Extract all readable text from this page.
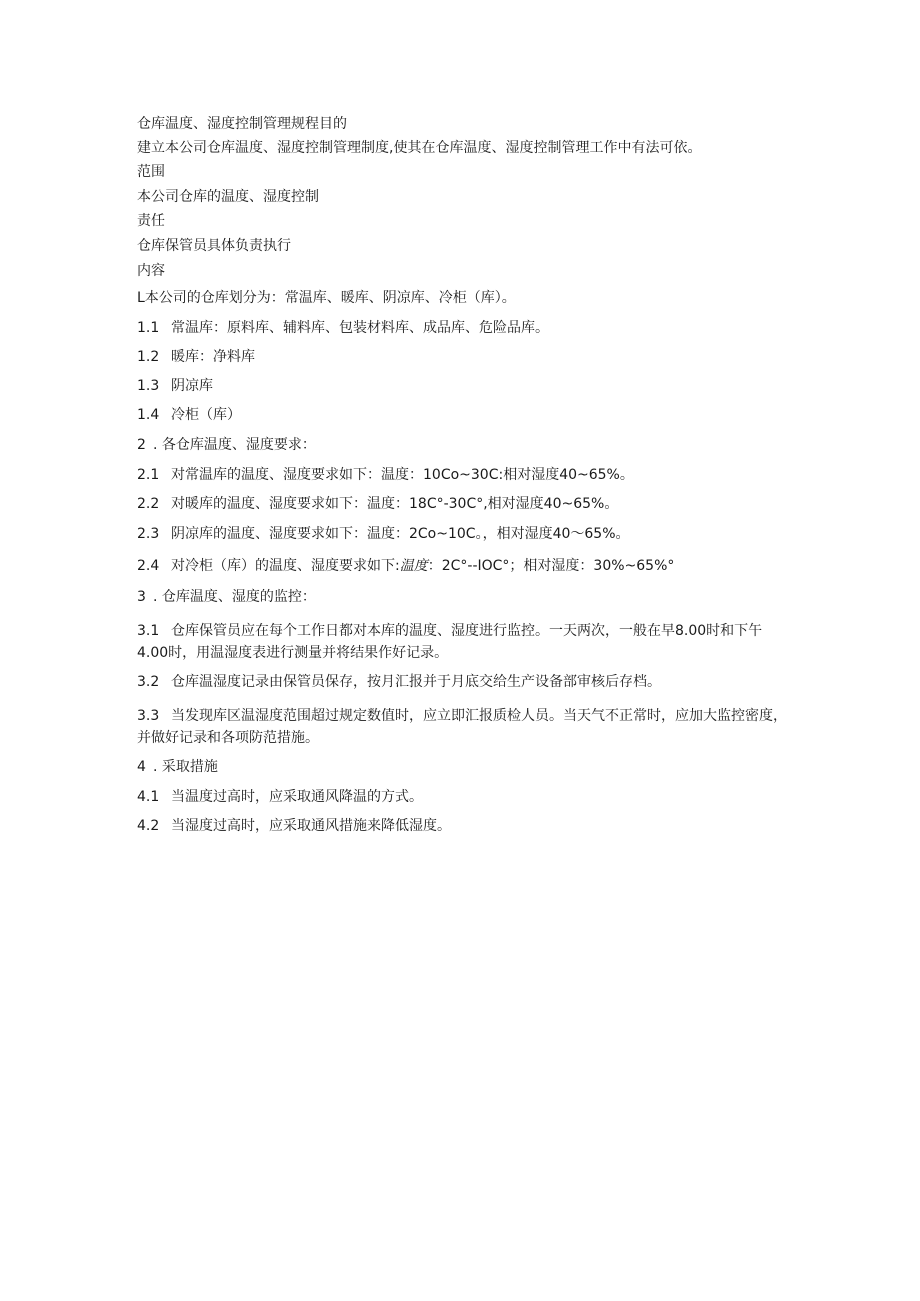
仓库温度、湿度控制管理规程目的
建立本公司仓库温度、湿度控制管理制度,使其在仓库温度、湿度控制管理工作中有法可依。
范围
本公司仓库的温度、湿度控制
责任
仓库保管员具体负责执行
内容
L本公司的仓库划分为：常温库、暖库、阴凉库、冷柜（库）。
1.1 常温库：原料库、辅料库、包装材料库、成品库、危险品库。
1.2 暖库：净料库
1.3 阴凉库
1.4 冷柜（库）
2 . 各仓库温度、湿度要求：
2.1 对常温库的温度、湿度要求如下：温度：10Co~30C:相对湿度40~65%。
2.2 对暖库的温度、湿度要求如下：温度：18C°-30C°,相对湿度40~65%。
2.3 阴凉库的温度、湿度要求如下：温度：2Co~10C。，相对湿度40～65%。
2.4 对冷柜（库）的温度、湿度要求如下:温度：2C°--IOC°；相对湿度：30%~65%°
3 . 仓库温度、湿度的监控：
3.1 仓库保管员应在每个工作日都对本库的温度、湿度进行监控。一天两次，一般在早8.00时和下午4.00时，用温湿度表进行测量并将结果作好记录。
3.2 仓库温湿度记录由保管员保存，按月汇报并于月底交给生产设备部审核后存档。
3.3 当发现库区温湿度范围超过规定数值时，应立即汇报质检人员。当天气不正常时，应加大监控密度，并做好记录和各项防范措施。
4 . 采取措施
4.1 当温度过高时，应采取通风降温的方式。
4.2 当湿度过高时，应采取通风措施来降低湿度。
